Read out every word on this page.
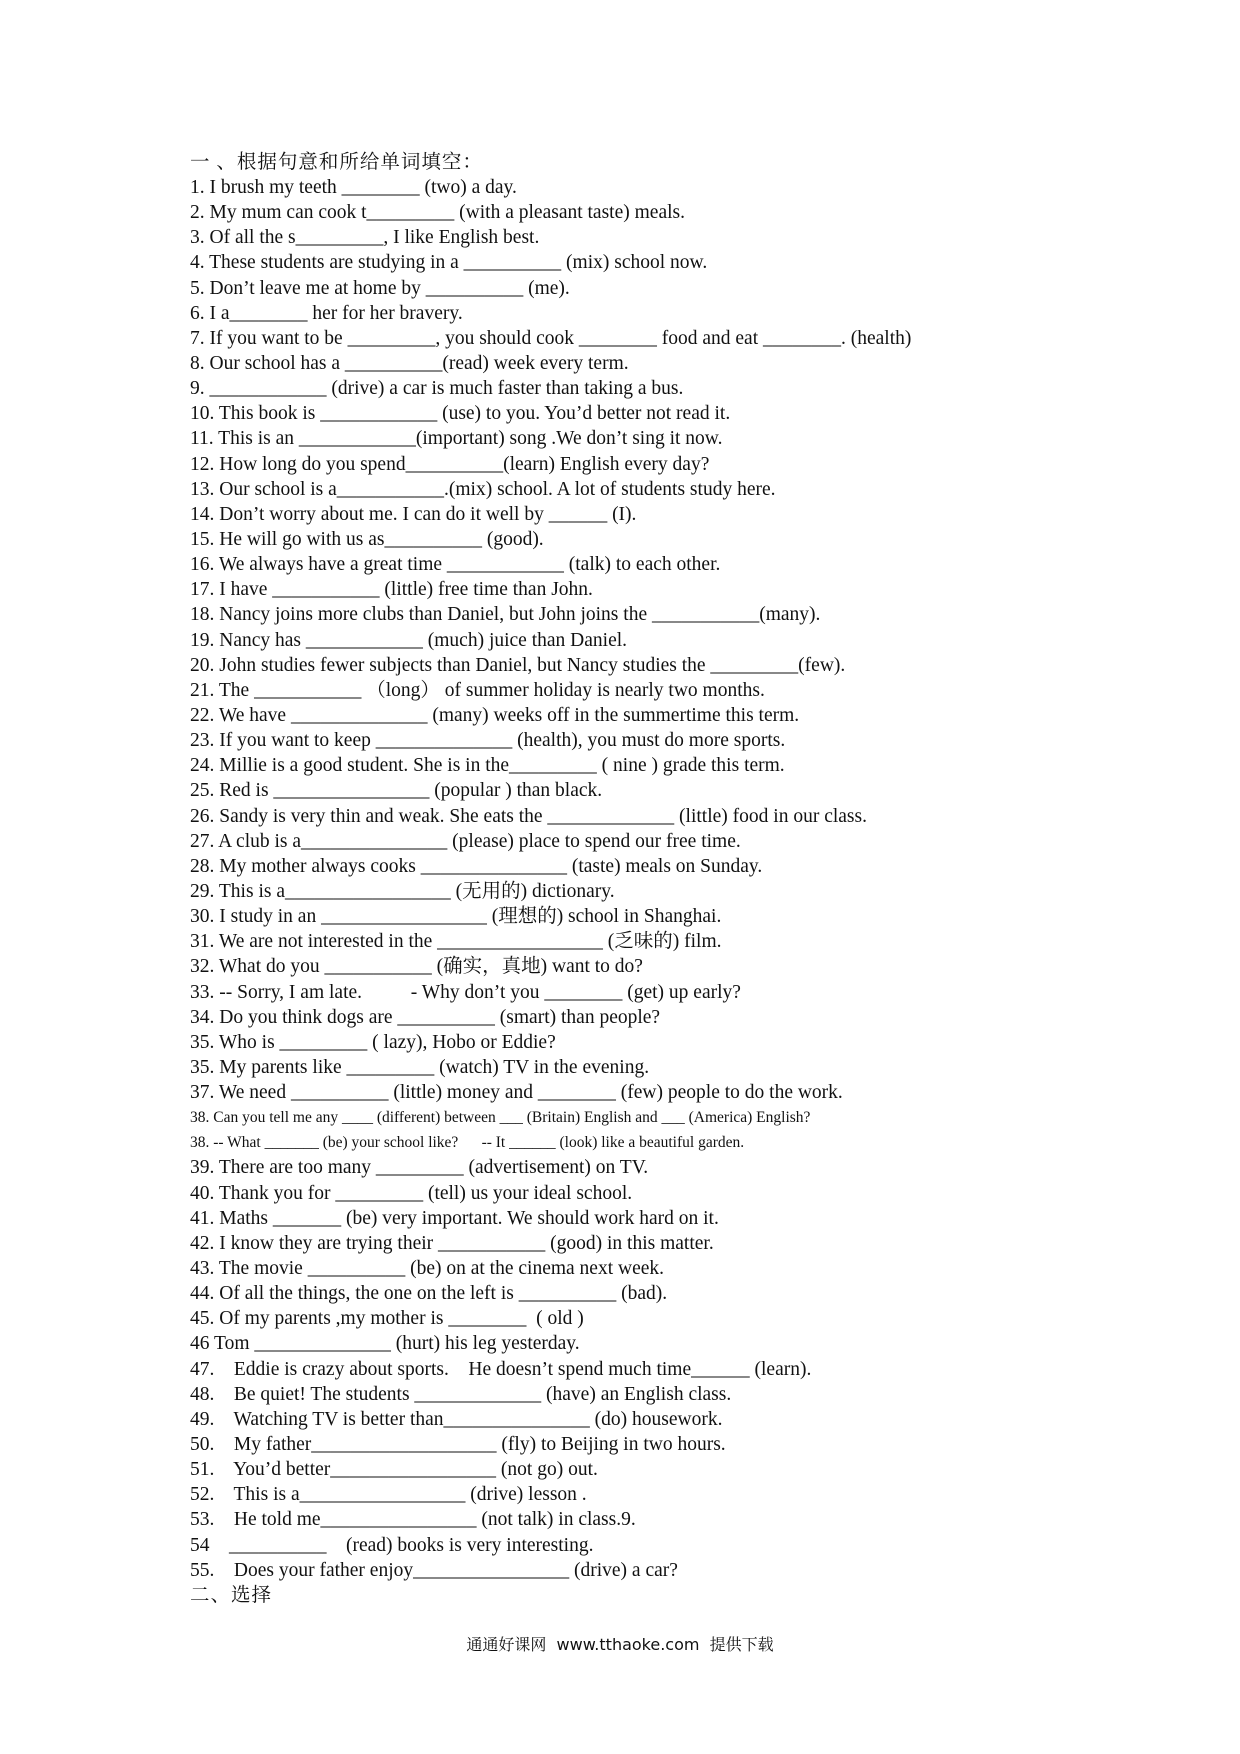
一 、根据句意和所给单词填空：
1. I brush my teeth ________ (two) a day.
2. My mum can cook t_________ (with a pleasant taste) meals.
3. Of all the s_________, I like English best.
4. These students are studying in a __________ (mix) school now.
5. Don’t leave me at home by __________ (me).
6. I a________ her for her bravery.
7. If you want to be _________, you should cook ________ food and eat ________. (health)
8. Our school has a __________(read) week every term.
9. ____________ (drive) a car is much faster than taking a bus.
10. This book is ____________ (use) to you. You’d better not read it.
11. This is an ____________(important) song .We don’t sing it now.
12. How long do you spend__________(learn) English every day?
13. Our school is a___________.(mix) school. A lot of students study here.
14. Don’t worry about me. I can do it well by ______ (I).
15. He will go with us as__________ (good).
16. We always have a great time ____________ (talk) to each other.
17. I have ___________ (little) free time than John.
18. Nancy joins more clubs than Daniel, but John joins the ___________(many).
19. Nancy has ____________ (much) juice than Daniel.
20. John studies fewer subjects than Daniel, but Nancy studies the _________(few).
21. The ___________ （long） of summer holiday is nearly two months.
22. We have ______________ (many) weeks off in the summertime this term.
23. If you want to keep ______________ (health), you must do more sports.
24. Millie is a good student. She is in the_________ ( nine ) grade this term.
25. Red is ________________ (popular ) than black.
26. Sandy is very thin and weak. She eats the _____________ (little) food in our class.
27. A club is a_______________ (please) place to spend our free time.
28. My mother always cooks _______________ (taste) meals on Sunday.
29. This is a_________________ (无用的) dictionary.
30. I study in an _________________ (理想的) school in Shanghai.
31. We are not interested in the _________________ (乏味的) film.
32. What do you ___________ (确实，真地) want to do?
33. -- Sorry, I am late.          - Why don’t you ________ (get) up early?
34. Do you think dogs are __________ (smart) than people?
35. Who is _________ ( lazy), Hobo or Eddie?
35. My parents like _________ (watch) TV in the evening.
37. We need __________ (little) money and ________ (few) people to do the work.
38. Can you tell me any ____ (different) between ___ (Britain) English and ___ (America) English?
38. -- What _______ (be) your school like?      -- It ______ (look) like a beautiful garden.
39. There are too many _________ (advertisement) on TV.
40. Thank you for _________ (tell) us your ideal school.
41. Maths _______ (be) very important. We should work hard on it.
42. I know they are trying their ___________ (good) in this matter.
43. The movie __________ (be) on at the cinema next week.
44. Of all the things, the one on the left is __________ (bad).
45. Of my parents ,my mother is ________  ( old )
46 Tom ______________ (hurt) his leg yesterday.
47.    Eddie is crazy about sports.    He doesn’t spend much time______ (learn).
48.    Be quiet! The students _____________ (have) an English class.
49.    Watching TV is better than_______________ (do) housework.
50.    My father___________________ (fly) to Beijing in two hours.
51.    You’d better_________________ (not go) out.
52.    This is a_________________ (drive) lesson .
53.    He told me________________ (not talk) in class.9.
54    __________    (read) books is very interesting.
55.    Does your father enjoy________________ (drive) a car?
二、选择
通通好课网  www.tthaoke.com  提供下载
